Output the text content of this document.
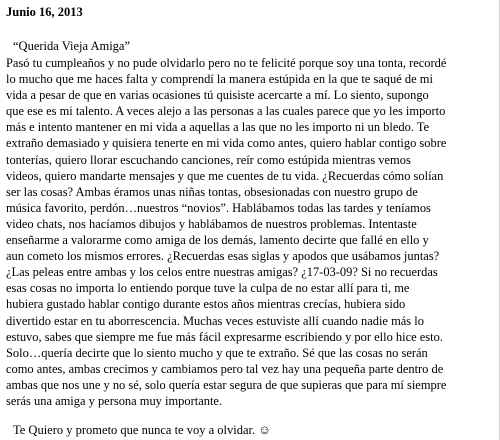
Junio 16, 2013
“Querida Vieja Amiga”
Pasó tu cumpleaños y no pude olvidarlo pero no te felicité porque soy una tonta, recordé
lo mucho que me haces falta y comprendí la manera estúpida en la que te saqué de mi
vida a pesar de que en varias ocasiones tú quisiste acercarte a mí. Lo siento, supongo
que ese es mi talento. A veces alejo a las personas a las cuales parece que yo les importo
más e intento mantener en mi vida a aquellas a las que no les importo ni un bledo. Te
extraño demasiado y quisiera tenerte en mi vida como antes, quiero hablar contigo sobre
tonterías, quiero llorar escuchando canciones, reír como estúpida mientras vemos
videos, quiero mandarte mensajes y que me cuentes de tu vida. ¿Recuerdas cómo solían
ser las cosas? Ambas éramos unas niñas tontas, obsesionadas con nuestro grupo de
música favorito, perdón…nuestros “novios”. Hablábamos todas las tardes y teníamos
video chats, nos hacíamos dibujos y hablábamos de nuestros problemas. Intentaste
enseñarme a valorarme como amiga de los demás, lamento decirte que fallé en ello y
aun cometo los mismos errores. ¿Recuerdas esas siglas y apodos que usábamos juntas?
¿Las peleas entre ambas y los celos entre nuestras amigas? ¿17-03-09? Si no recuerdas
esas cosas no importa lo entiendo porque tuve la culpa de no estar allí para ti, me
hubiera gustado hablar contigo durante estos años mientras crecías, hubiera sido
divertido estar en tu aborrescencia. Muchas veces estuviste allí cuando nadie más lo
estuvo, sabes que siempre me fue más fácil expresarme escribiendo y por ello hice esto.
Solo…quería decirte que lo siento mucho y que te extraño. Sé que las cosas no serán
como antes, ambas crecimos y cambiamos pero tal vez hay una pequeña parte dentro de
ambas que nos une y no sé, solo quería estar segura de que supieras que para mí siempre
serás una amiga y persona muy importante.
Te Quiero y prometo que nunca te voy a olvidar. ☺
